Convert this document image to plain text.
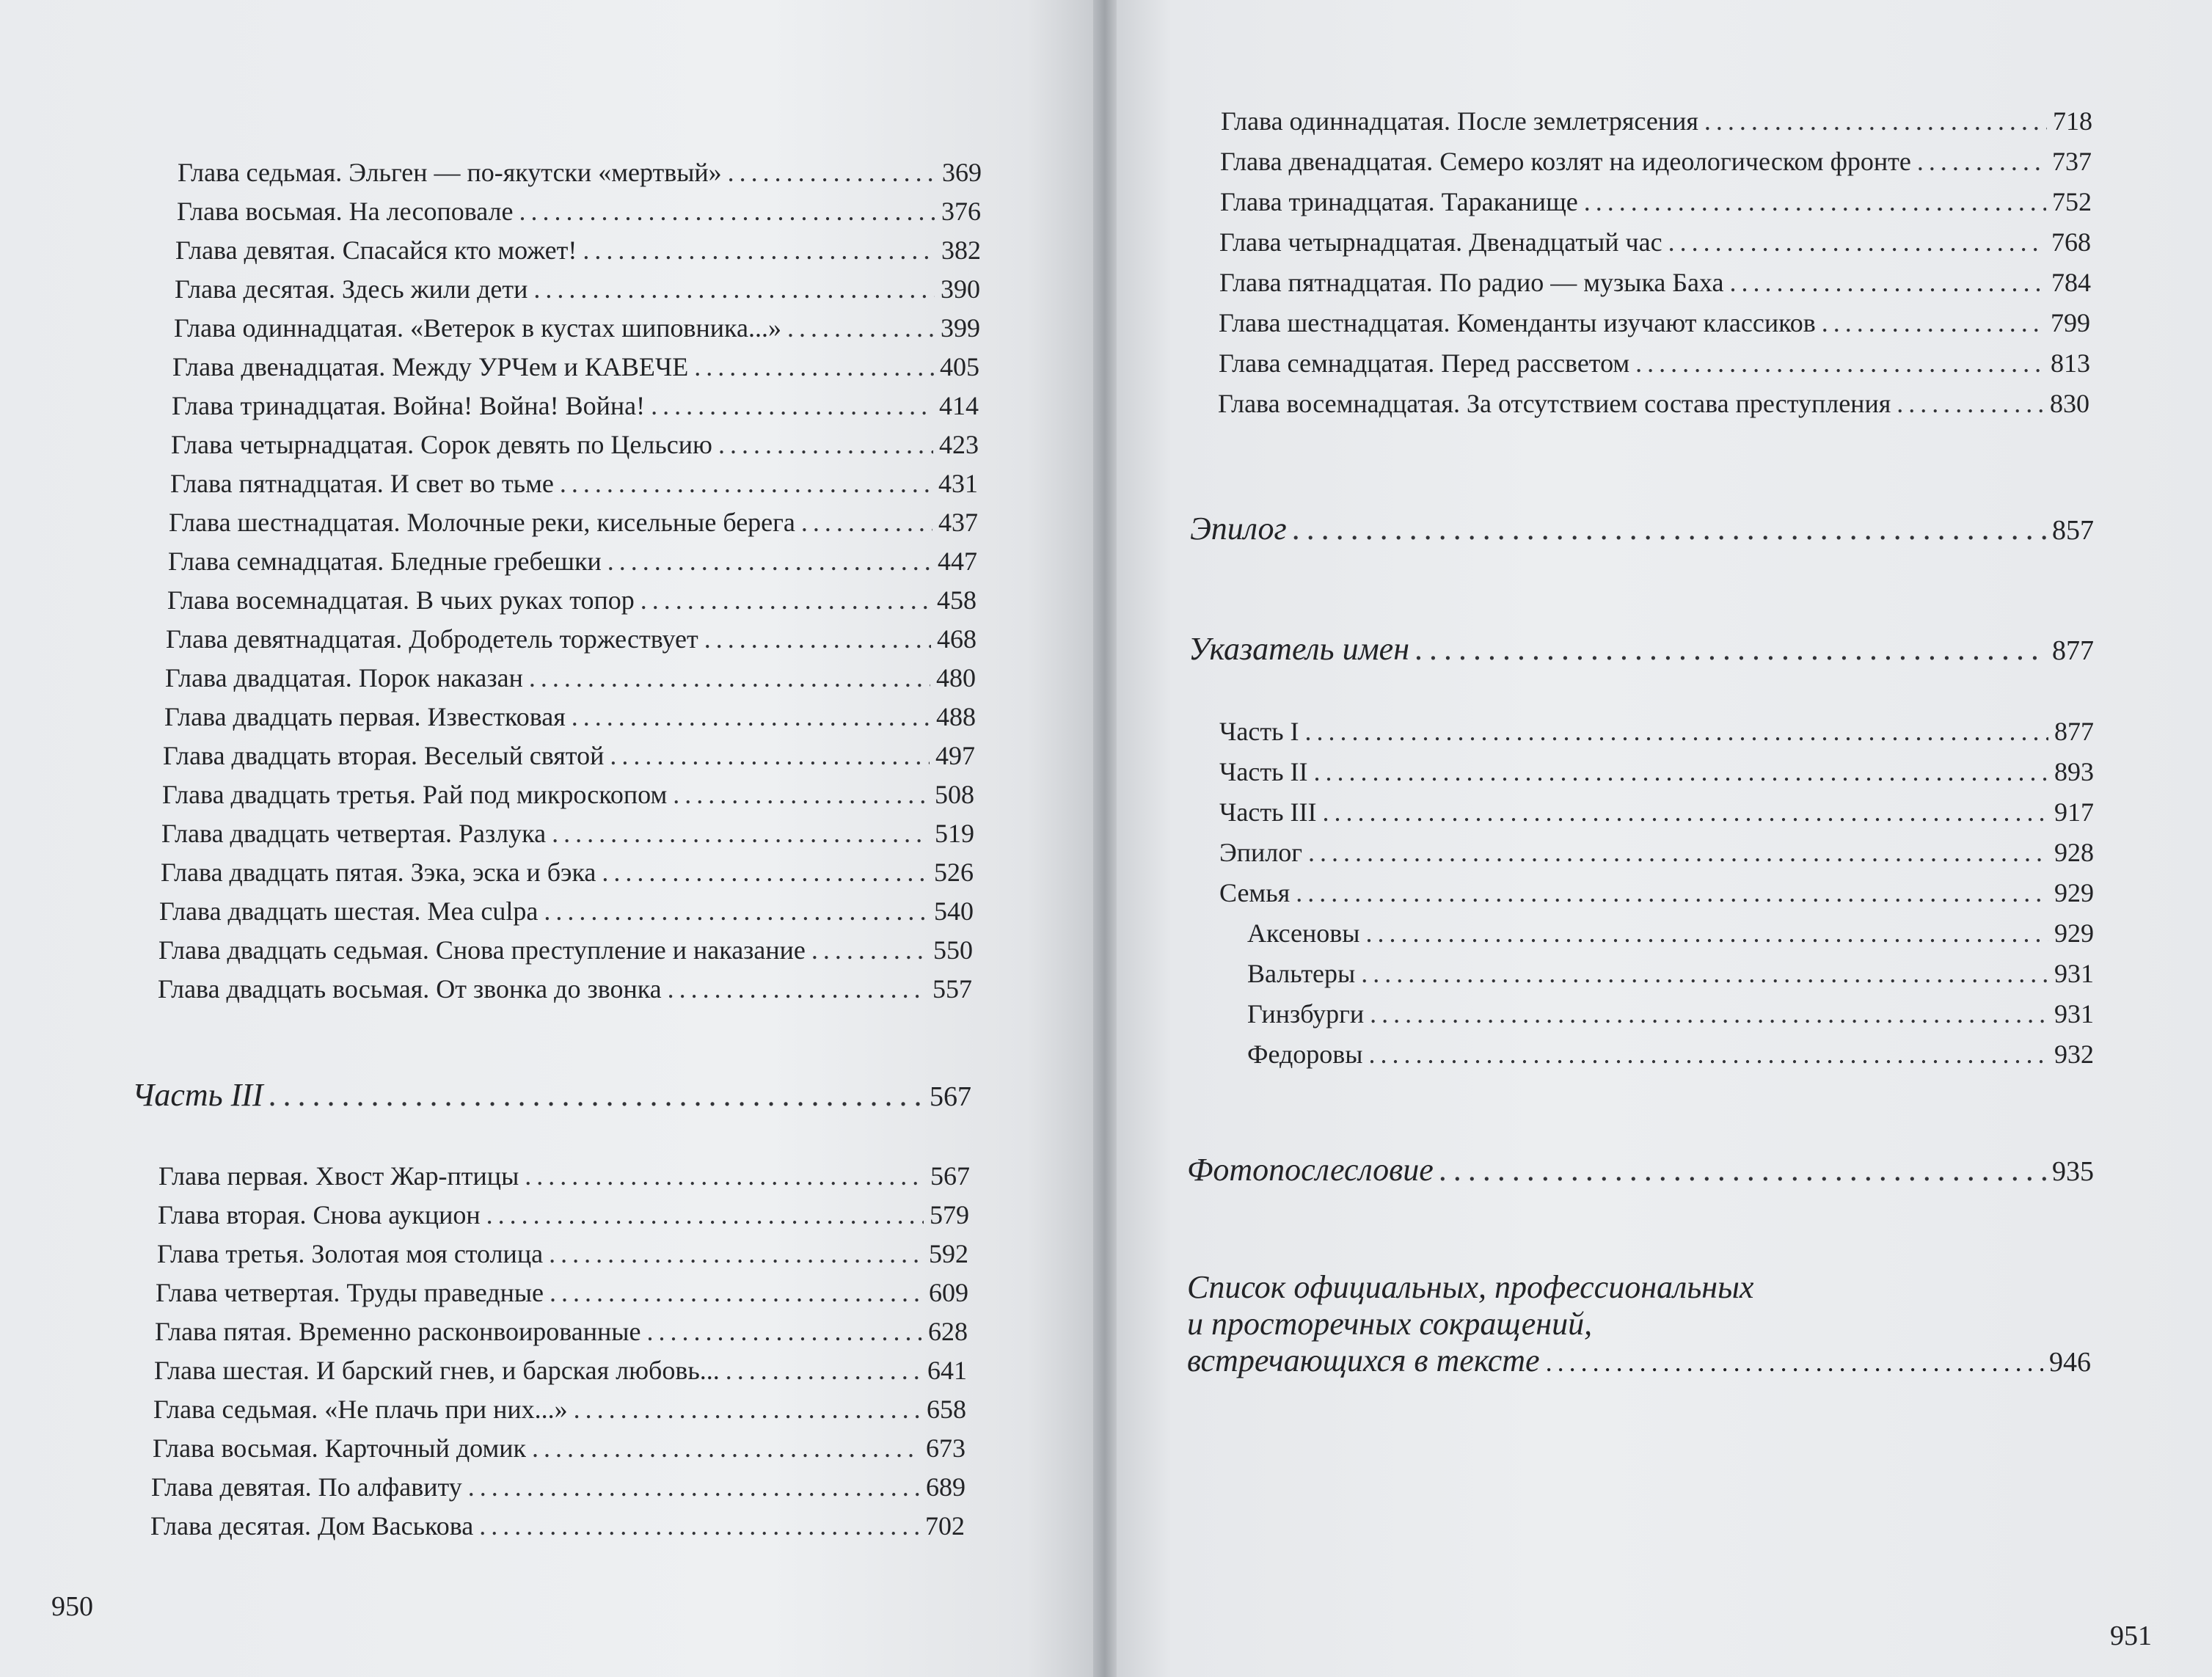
Глава седьмая. Эльген — по-якутски «мертвый» . . .	369
Глава восьмая. На лесоповале . . .	376
Глава девятая. Спасайся кто может! . . .	382
Глава десятая. Здесь жили дети . . .	390
Глава одиннадцатая. «Ветерок в кустах шиповника...» . . .	399
Глава двенадцатая. Между УРЧем и КАВЕЧЕ . . .	405
Глава тринадцатая. Война! Война! Война! . . .	414
Глава четырнадцатая. Сорок девять по Цельсию . . .	423
Глава пятнадцатая. И свет во тьме . . .	431
Глава шестнадцатая. Молочные реки, кисельные берега . . .	437
Глава семнадцатая. Бледные гребешки . . .	447
Глава восемнадцатая. В чьих руках топор . . .	458
Глава девятнадцатая. Добродетель торжествует . . .	468
Глава двадцатая. Порок наказан . . .	480
Глава двадцать первая. Известковая . . .	488
Глава двадцать вторая. Веселый святой . . .	497
Глава двадцать третья. Рай под микроскопом . . .	508
Глава двадцать четвертая. Разлука . . .	519
Глава двадцать пятая. Зэка, эска и бэка . . .	526
Глава двадцать шестая. Mea culpa . . .	540
Глава двадцать седьмая. Снова преступление и наказание . . .	550
Глава двадцать восьмая. От звонка до звонка . . .	557
Часть III . . .	567
Глава первая. Хвост Жар-птицы . . .	567
Глава вторая. Снова аукцион . . .	579
Глава третья. Золотая моя столица . . .	592
Глава четвертая. Труды праведные . . .	609
Глава пятая. Временно расконвоированные . . .	628
Глава шестая. И барский гнев, и барская любовь... . . .	641
Глава седьмая. «Не плачь при них...» . . .	658
Глава восьмая. Карточный домик . . .	673
Глава девятая. По алфавиту . . .	689
Глава десятая. Дом Васькова . . .	702
Глава одиннадцатая. После землетрясения . . .	718
Глава двенадцатая. Семеро козлят на идеологическом фронте . . .	737
Глава тринадцатая. Тараканище . . .	752
Глава четырнадцатая. Двенадцатый час . . .	768
Глава пятнадцатая. По радио — музыка Баха . . .	784
Глава шестнадцатая. Коменданты изучают классиков . . .	799
Глава семнадцатая. Перед рассветом . . .	813
Глава восемнадцатая. За отсутствием состава преступления . . .	830
Эпилог . . .	857
Указатель имен . . .	877
Часть I . . .	877
Часть II . . .	893
Часть III . . .	917
Эпилог . . .	928
Семья . . .	929
Аксеновы . . .	929
Вальтеры . . .	931
Гинзбурги . . .	931
Федоровы . . .	932
Фотопослесловие . . .	935
950
951
Список официальных, профессиональных
и просторечных сокращений,
встречающихся в тексте . . .	946
